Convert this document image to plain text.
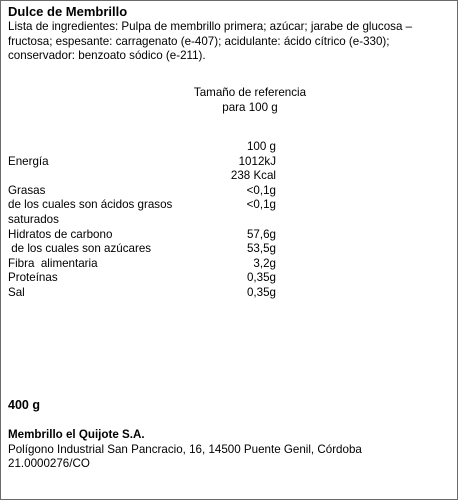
Dulce de Membrillo
Lista de ingredientes: Pulpa de membrillo primera; azúcar; jarabe de glucosa –
fructosa; espesante: carragenato (e-407); acidulante: ácido cítrico (e-330);
conservador: benzoato sódico (e-211).
Tamaño de referencia
para 100 g
100 g
Energía	1012kJ
238 Kcal
Grasas	<0,1g
de los cuales son ácidos grasos	<0,1g
saturados
Hidratos de carbono	57,6g
de los cuales son azúcares	53,5g
Fibra  alimentaria	3,2g
Proteínas	0,35g
Sal	0,35g
400 g
Membrillo el Quijote S.A.
Polígono Industrial San Pancracio, 16, 14500 Puente Genil, Córdoba
21.0000276/CO
